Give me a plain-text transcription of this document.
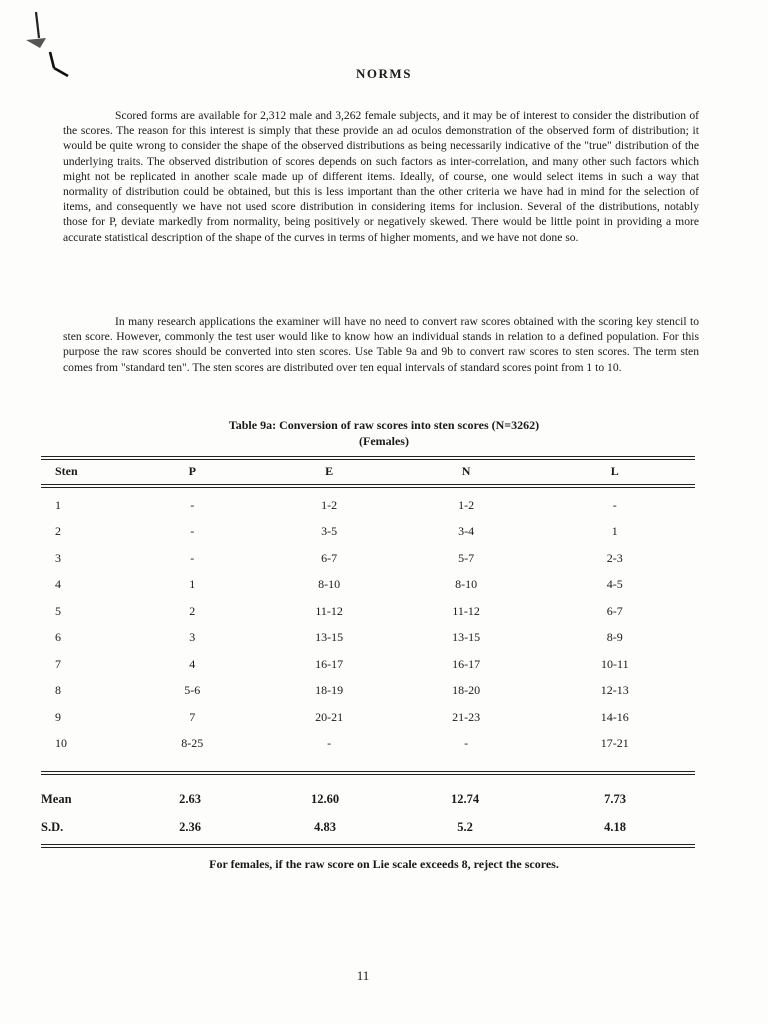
NORMS

Scored forms are available for 2,312 male and 3,262 female subjects, and it may be of interest to consider the distribution of the scores. The reason for this interest is simply that these provide an ad oculos demonstration of the observed form of distribution; it would be quite wrong to consider the shape of the observed distributions as being necessarily indicative of the "true" distribution of the underlying traits. The observed distribution of scores depends on such factors as inter-correlation, and many other such factors which might not be replicated in another scale made up of different items. Ideally, of course, one would select items in such a way that normality of distribution could be obtained, but this is less important than the other criteria we have had in mind for the selection of items, and consequently we have not used score distribution in considering items for inclusion. Several of the distributions, notably those for P, deviate markedly from normality, being positively or negatively skewed. There would be little point in providing a more accurate statistical description of the shape of the curves in terms of higher moments, and we have not done so.

In many research applications the examiner will have no need to convert raw scores obtained with the scoring key stencil to sten score. However, commonly the test user would like to know how an individual stands in relation to a defined population. For this purpose the raw scores should be converted into sten scores. Use Table 9a and 9b to convert raw scores to sten scores. The term sten comes from "standard ten". The sten scores are distributed over ten equal intervals of standard scores point from 1 to 10.

Table 9a: Conversion of raw scores into sten scores (N=3262)
(Females)
Sten	P	E	N	L

1	-	1-2	1-2	-
2	-	3-5	3-4	1
3	-	6-7	5-7	2-3
4	1	8-10	8-10	4-5
5	2	11-12	11-12	6-7
6	3	13-15	13-15	8-9
7	4	16-17	16-17	10-11
8	5-6	18-19	18-20	12-13
9	7	20-21	21-23	14-16
10	8-25	-	-	17-21
Mean	2.63	12.60	12.74	7.73
S.D.	2.36	4.83	5.2	4.18
For females, if the raw score on Lie scale exceeds 8, reject the scores.
11
